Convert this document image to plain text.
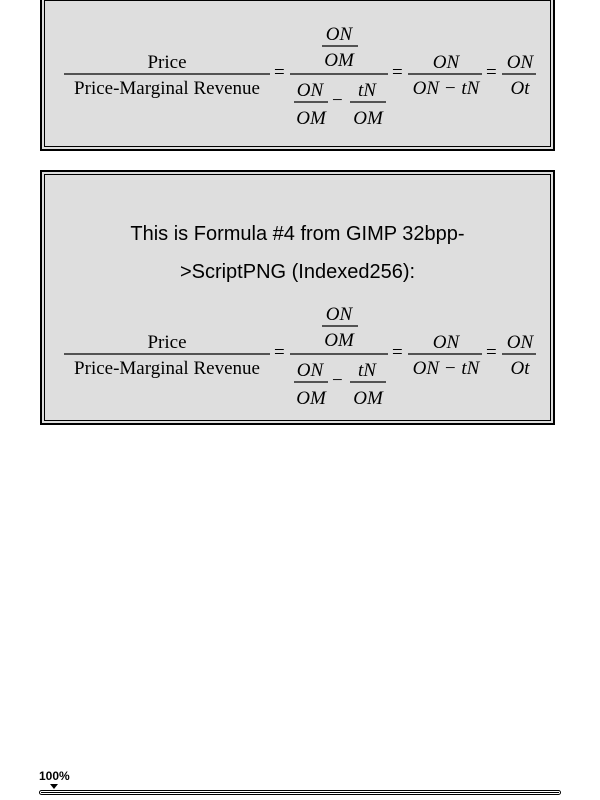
Price
Price-Marginal Revenue
=
ON
OM
ON
OM
− tN
OM
= ON
ON − tN
= ON
Ot
This is Formula #4 from GIMP 32bpp-
>ScriptPNG (Indexed256):
Price
Price-Marginal Revenue
=
ON
OM
ON
OM
− tN
OM
= ON
ON − tN
= ON
Ot
100%
